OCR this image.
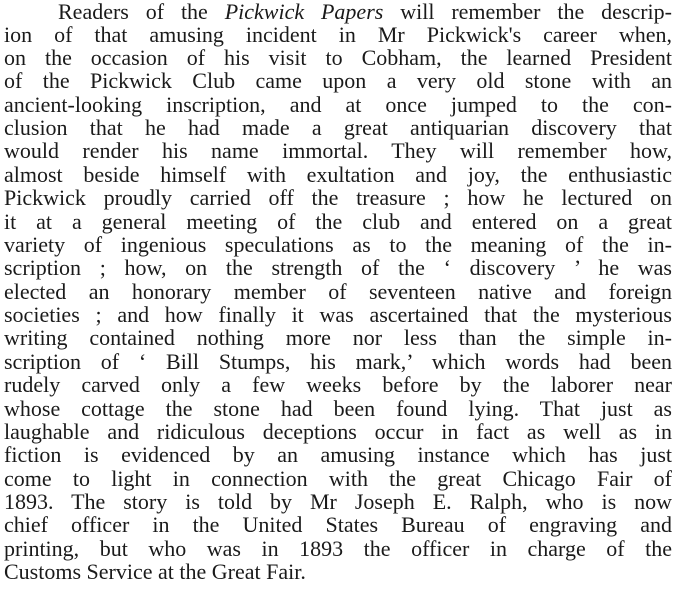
Readers of the Pickwick Papers will remember the descrip-
ion of that amusing incident in Mr Pickwick's career when,
on the occasion of his visit to Cobham, the learned President
of the Pickwick Club came upon a very old stone with an
ancient-looking inscription, and at once jumped to the con-
clusion that he had made a great antiquarian discovery that
would render his name immortal. They will remember how,
almost beside himself with exultation and joy, the enthusiastic
Pickwick proudly carried off the treasure ; how he lectured on
it at a general meeting of the club and entered on a great
variety of ingenious speculations as to the meaning of the in-
scription ; how, on the strength of the ‘ discovery ’ he was
elected an honorary member of seventeen native and foreign
societies ; and how finally it was ascertained that the mysterious
writing contained nothing more nor less than the simple in-
scription of ‘ Bill Stumps, his mark,’ which words had been
rudely carved only a few weeks before by the laborer near
whose cottage the stone had been found lying. That just as
laughable and ridiculous deceptions occur in fact as well as in
fiction is evidenced by an amusing instance which has just
come to light in connection with the great Chicago Fair of
1893. The story is told by Mr Joseph E. Ralph, who is now
chief officer in the United States Bureau of engraving and
printing, but who was in 1893 the officer in charge of the
Customs Service at the Great Fair.
